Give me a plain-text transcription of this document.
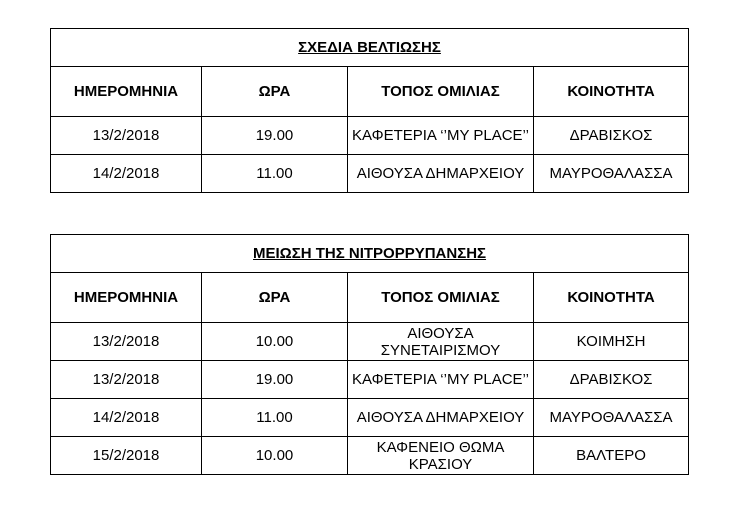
ΣΧΕΔΙΑ ΒΕΛΤΙΩΣΗΣ			
ΗΜΕΡΟΜΗΝΙΑ	ΩΡΑ	ΤΟΠΟΣ ΟΜΙΛΙΑΣ	ΚΟΙΝΟΤΗΤΑ
13/2/2018	19.00	ΚΑΦΕΤΕΡΙΑ ‘’MY PLACE’’	ΔΡΑΒΙΣΚΟΣ
14/2/2018	11.00	ΑΙΘΟΥΣΑ ΔΗΜΑΡΧΕΙΟΥ	ΜΑΥΡΟΘΑΛΑΣΣΑ
ΜΕΙΩΣΗ ΤΗΣ ΝΙΤΡΟΡΡΥΠΑΝΣΗΣ			
ΗΜΕΡΟΜΗΝΙΑ	ΩΡΑ	ΤΟΠΟΣ ΟΜΙΛΙΑΣ	ΚΟΙΝΟΤΗΤΑ
13/2/2018	10.00	ΑΙΘΟΥΣΑ ΣΥΝΕΤΑΙΡΙΣΜΟΥ	ΚΟΙΜΗΣΗ
13/2/2018	19.00	ΚΑΦΕΤΕΡΙΑ ‘’MY PLACE’’	ΔΡΑΒΙΣΚΟΣ
14/2/2018	11.00	ΑΙΘΟΥΣΑ ΔΗΜΑΡΧΕΙΟΥ	ΜΑΥΡΟΘΑΛΑΣΣΑ
15/2/2018	10.00	ΚΑΦΕΝΕΙΟ ΘΩΜΑ ΚΡΑΣΙΟΥ	ΒΑΛΤΕΡΟ
